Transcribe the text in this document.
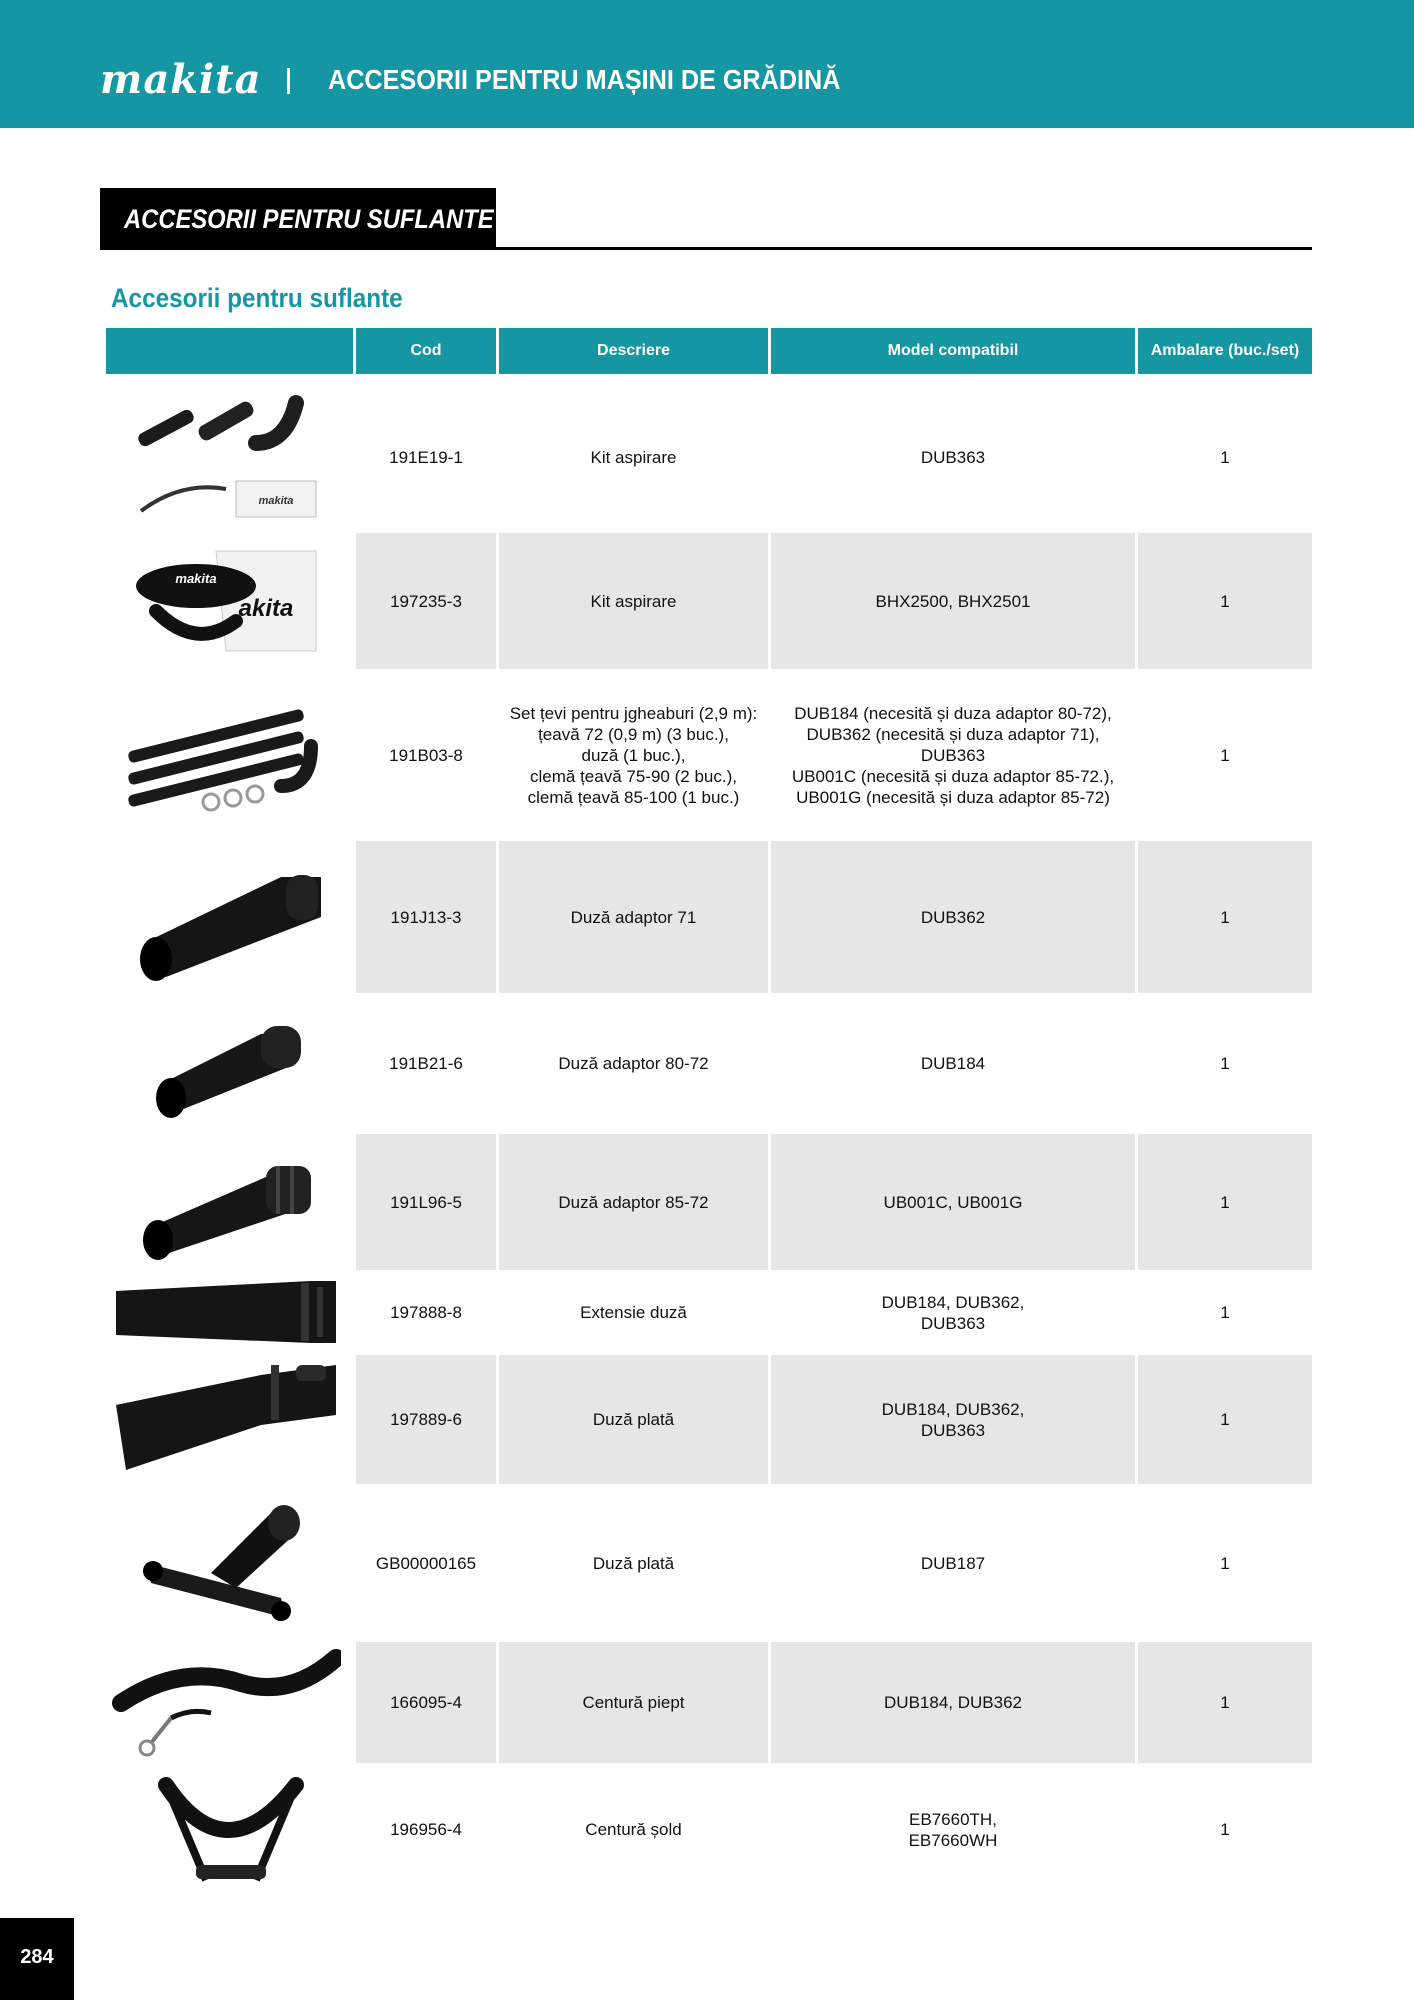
makita ACCESORII PENTRU MAȘINI DE GRĂDINĂ
ACCESORII PENTRU SUFLANTE
Accesorii pentru suflante
	Cod	Descriere	Model compatibil	Ambalare (buc./set)

makita	191E19-1	Kit aspirare	DUB363	1

makita
akita	197235-3	Kit aspirare	BHX2500, BHX2501	1

	191B03-8	Set țevi pentru jgheaburi (2,9 m):
țeavă 72 (0,9 m) (3 buc.),
duză (1 buc.),
clemă țeavă 75-90 (2 buc.),
clemă țeavă 85-100 (1 buc.)	DUB184 (necesită și duza adaptor 80-72),
DUB362 (necesită și duza adaptor 71),
DUB363
UB001C (necesită și duza adaptor 85-72.),
UB001G (necesită și duza adaptor 85-72)	1

	191J13-3	Duză adaptor 71	DUB362	1

	191B21-6	Duză adaptor 80-72	DUB184	1

	191L96-5	Duză adaptor 85-72	UB001C, UB001G	1

	197888-8	Extensie duză	DUB184, DUB362,
DUB363	1

	197889-6	Duză plată	DUB184, DUB362,
DUB363	1

	GB00000165	Duză plată	DUB187	1

	166095-4	Centură piept	DUB184, DUB362	1

	196956-4	Centură șold	EB7660TH,
EB7660WH	1
284
